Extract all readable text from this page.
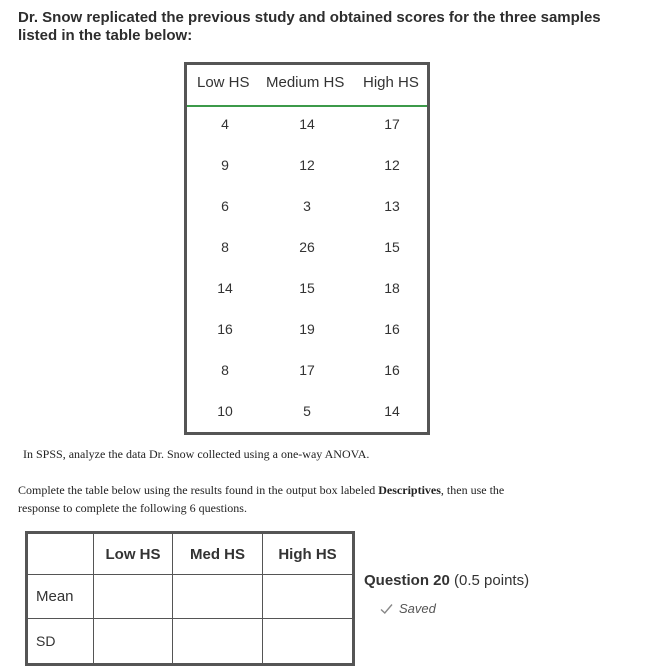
Dr. Snow replicated the previous study and obtained scores for the three samples
listed in the table below:
Low HS Medium HS High HS
4	14	17
9	12	12
6	3	13
8	26	15
14	15	18
16	19	16
8	17	16
10	5	14
In SPSS, analyze the data Dr. Snow collected using a one-way ANOVA.
Complete the table below using the results found in the output box labeled Descriptives, then use the
response to complete the following 6 questions.
	Low HS	Med HS	High HS
Mean			
SD			
Question 20 (0.5 points)
Saved
